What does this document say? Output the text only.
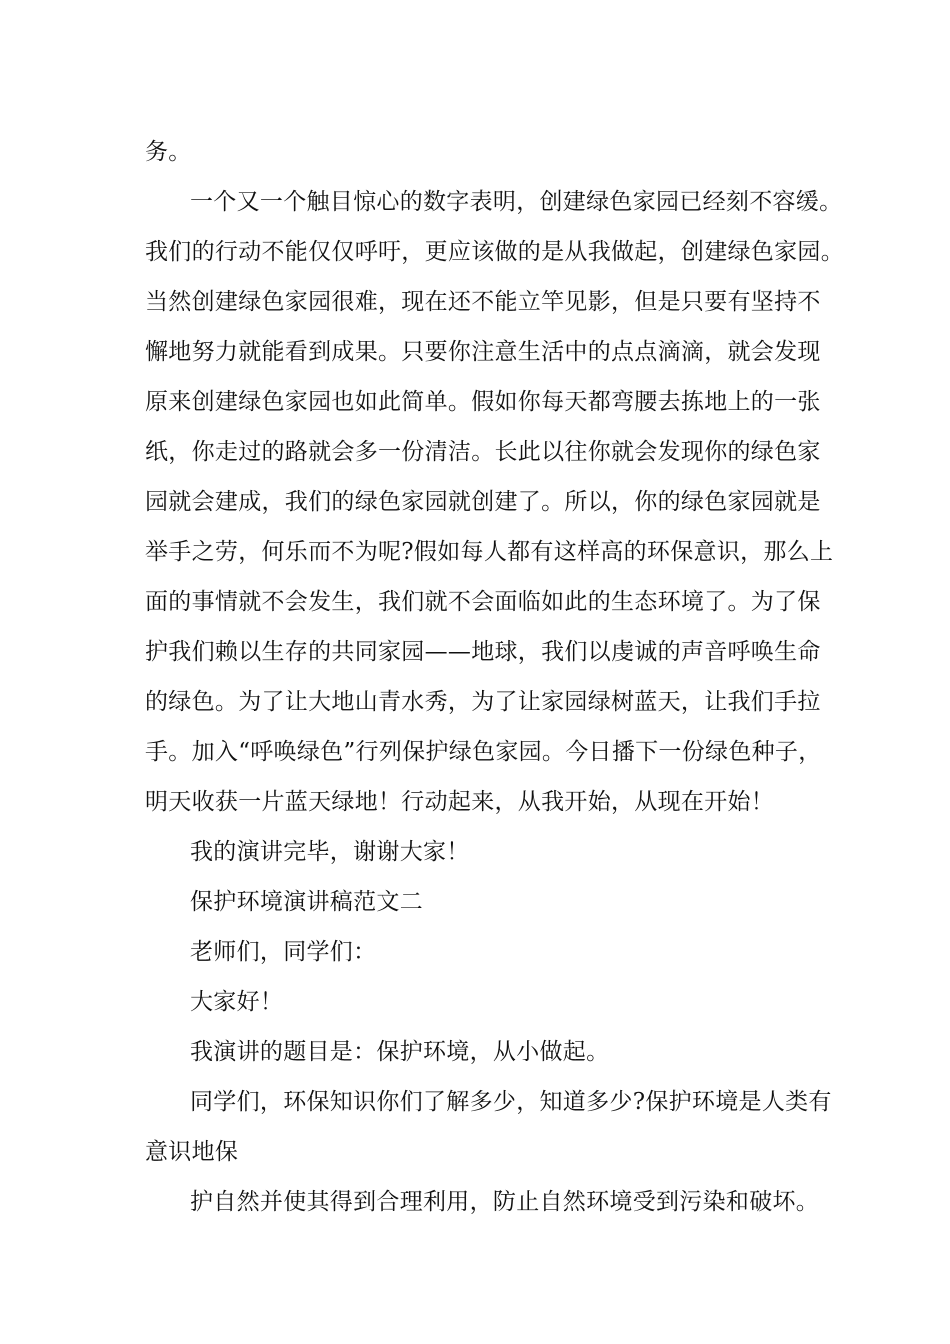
务。
一个又一个触目惊心的数字表明，创建绿色家园已经刻不容缓。
我们的行动不能仅仅呼吁，更应该做的是从我做起，创建绿色家园。
当然创建绿色家园很难，现在还不能立竿见影，但是只要有坚持不
懈地努力就能看到成果。只要你注意生活中的点点滴滴，就会发现
原来创建绿色家园也如此简单。假如你每天都弯腰去拣地上的一张
纸，你走过的路就会多一份清洁。长此以往你就会发现你的绿色家
园就会建成，我们的绿色家园就创建了。所以，你的绿色家园就是
举手之劳，何乐而不为呢?假如每人都有这样高的环保意识，那么上
面的事情就不会发生，我们就不会面临如此的生态环境了。为了保
护我们赖以生存的共同家园——地球，我们以虔诚的声音呼唤生命
的绿色。为了让大地山青水秀，为了让家园绿树蓝天，让我们手拉
手。加入“呼唤绿色”行列保护绿色家园。今日播下一份绿色种子，
明天收获一片蓝天绿地！行动起来，从我开始，从现在开始！
我的演讲完毕，谢谢大家！
保护环境演讲稿范文二
老师们，同学们：
大家好！
我演讲的题目是：保护环境，从小做起。
同学们，环保知识你们了解多少，知道多少?保护环境是人类有
意识地保
护自然并使其得到合理利用，防止自然环境受到污染和破坏。
